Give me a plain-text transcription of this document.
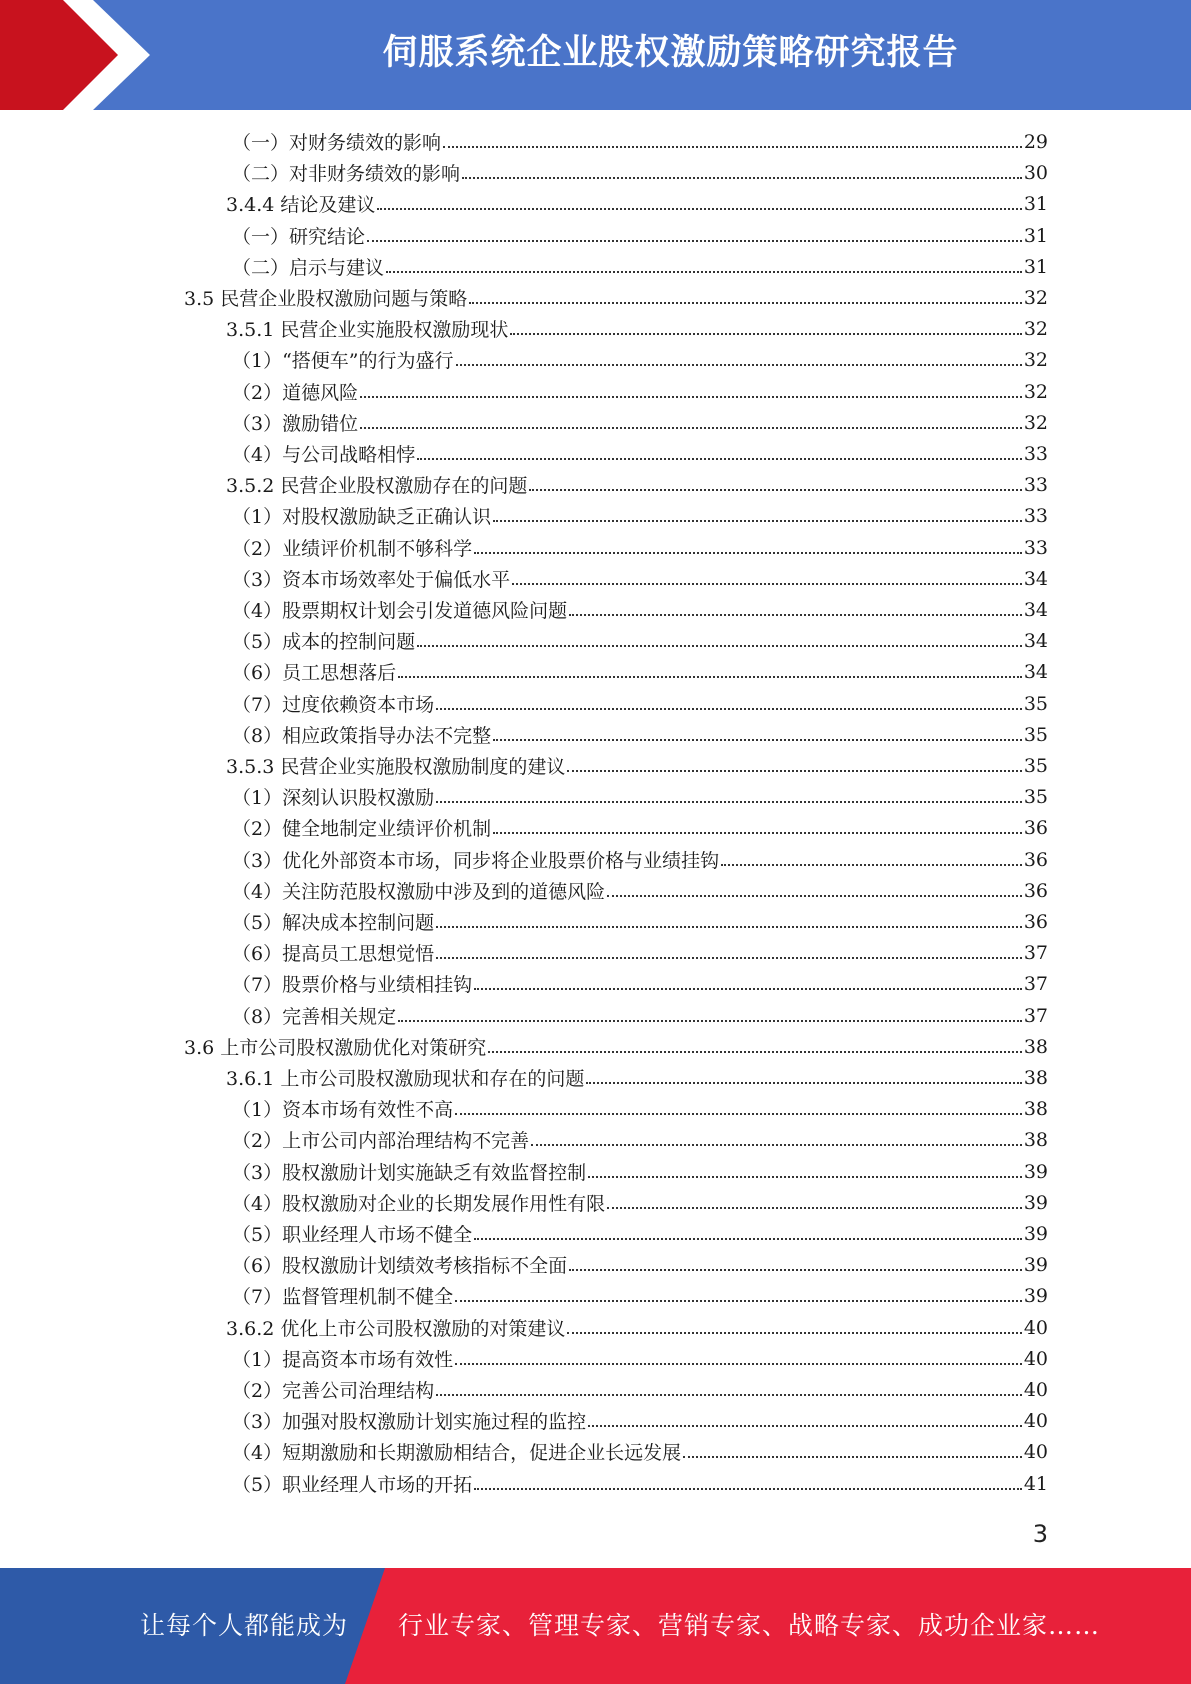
伺服系统企业股权激励策略研究报告
（一）对财务绩效的影响	29
（二）对非财务绩效的影响	30
3.4.4 结论及建议	31
（一）研究结论	31
（二）启示与建议	31
3.5 民营企业股权激励问题与策略	32
3.5.1 民营企业实施股权激励现状	32
（1）“搭便车”的行为盛行	32
（2）道德风险	32
（3）激励错位	32
（4）与公司战略相悖	33
3.5.2 民营企业股权激励存在的问题	33
（1）对股权激励缺乏正确认识	33
（2）业绩评价机制不够科学	33
（3）资本市场效率处于偏低水平	34
（4）股票期权计划会引发道德风险问题	34
（5）成本的控制问题	34
（6）员工思想落后	34
（7）过度依赖资本市场	35
（8）相应政策指导办法不完整	35
3.5.3 民营企业实施股权激励制度的建议	35
（1）深刻认识股权激励	35
（2）健全地制定业绩评价机制	36
（3）优化外部资本市场，同步将企业股票价格与业绩挂钩	36
（4）关注防范股权激励中涉及到的道德风险	36
（5）解决成本控制问题	36
（6）提高员工思想觉悟	37
（7）股票价格与业绩相挂钩	37
（8）完善相关规定	37
3.6 上市公司股权激励优化对策研究	38
3.6.1 上市公司股权激励现状和存在的问题	38
（1）资本市场有效性不高	38
（2）上市公司内部治理结构不完善	38
（3）股权激励计划实施缺乏有效监督控制	39
（4）股权激励对企业的长期发展作用性有限	39
（5）职业经理人市场不健全	39
（6）股权激励计划绩效考核指标不全面	39
（7）监督管理机制不健全	39
3.6.2 优化上市公司股权激励的对策建议	40
（1）提高资本市场有效性	40
（2）完善公司治理结构	40
（3）加强对股权激励计划实施过程的监控	40
（4）短期激励和长期激励相结合，促进企业长远发展	40
（5）职业经理人市场的开拓	41
3
让每个人都能成为 行业专家、管理专家、营销专家、战略专家、成功企业家……
